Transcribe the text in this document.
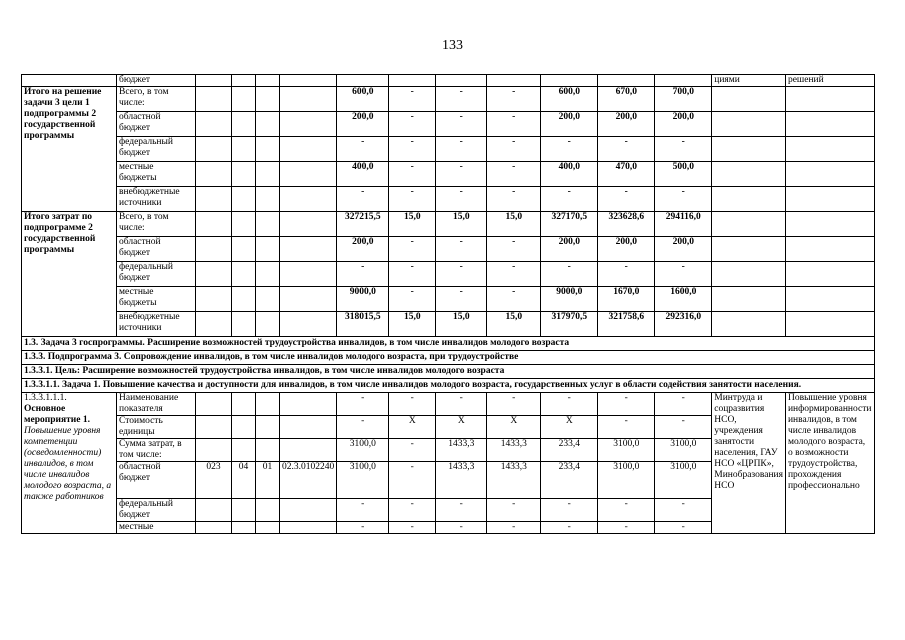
133
	бюджет												циями	решений
Итого на решение задачи 3 цели 1 подпрограммы 2 государственной программы	Всего, в том числе:					600,0	-	-	-	600,0	670,0	700,0		
	областной бюджет					200,0	-	-	-	200,0	200,0	200,0		
	федеральный бюджет					-	-	-	-	-	-	-		
	местные бюджеты					400,0	-	-	-	400,0	470,0	500,0		
	внебюджетные источники					-	-	-	-	-	-	-		
Итого затрат по подпрограмме 2 государственной программы	Всего, в том числе:					327215,5	15,0	15,0	15,0	327170,5	323628,6	294116,0		
	областной бюджет					200,0	-	-	-	200,0	200,0	200,0		
	федеральный бюджет					-	-	-	-	-	-	-		
	местные бюджеты					9000,0	-	-	-	9000,0	1670,0	1600,0		
	внебюджетные источники					318015,5	15,0	15,0	15,0	317970,5	321758,6	292316,0		
1.3. Задача 3 госпрограммы. Расширение возможностей трудоустройства инвалидов, в том числе инвалидов молодого возраста														
1.3.3. Подпрограмма 3. Сопровождение инвалидов, в том числе инвалидов молодого возраста, при трудоустройстве														
1.3.3.1. Цель: Расширение возможностей трудоустройства инвалидов, в том числе инвалидов молодого возраста														
1.3.3.1.1. Задача 1. Повышение качества и доступности для инвалидов, в том числе инвалидов молодого возраста, государственных услуг в области содействия занятости населения.														

1.3.3.1.1.1.
Основное мероприятие 1.
Повышение уровня компетенции (осведомленности) инвалидов, в том числе инвалидов молодого возраста, а также работников	Наименование показателя					-	-	-	-	-	-	-	Минтруда и соцразвития НСО, учреждения занятости населения, ГАУ НСО «ЦРПК», Минобразования НСО	Повышение уровня информированности инвалидов, в том числе инвалидов молодого возраста, о возможности трудоустройства, прохождения профессионально
	Стоимость единицы					-	X	X	X	X	-	-		
	Сумма затрат, в том числе:					3100,0	-	1433,3	1433,3	233,4	3100,0	3100,0		
	областной бюджет	023	04	01	02.3.0102240	3100,0	-	1433,3	1433,3	233,4	3100,0	3100,0		
	федеральный бюджет					-	-	-	-	-	-	-		
	местные					-	-	-	-	-	-	-		
